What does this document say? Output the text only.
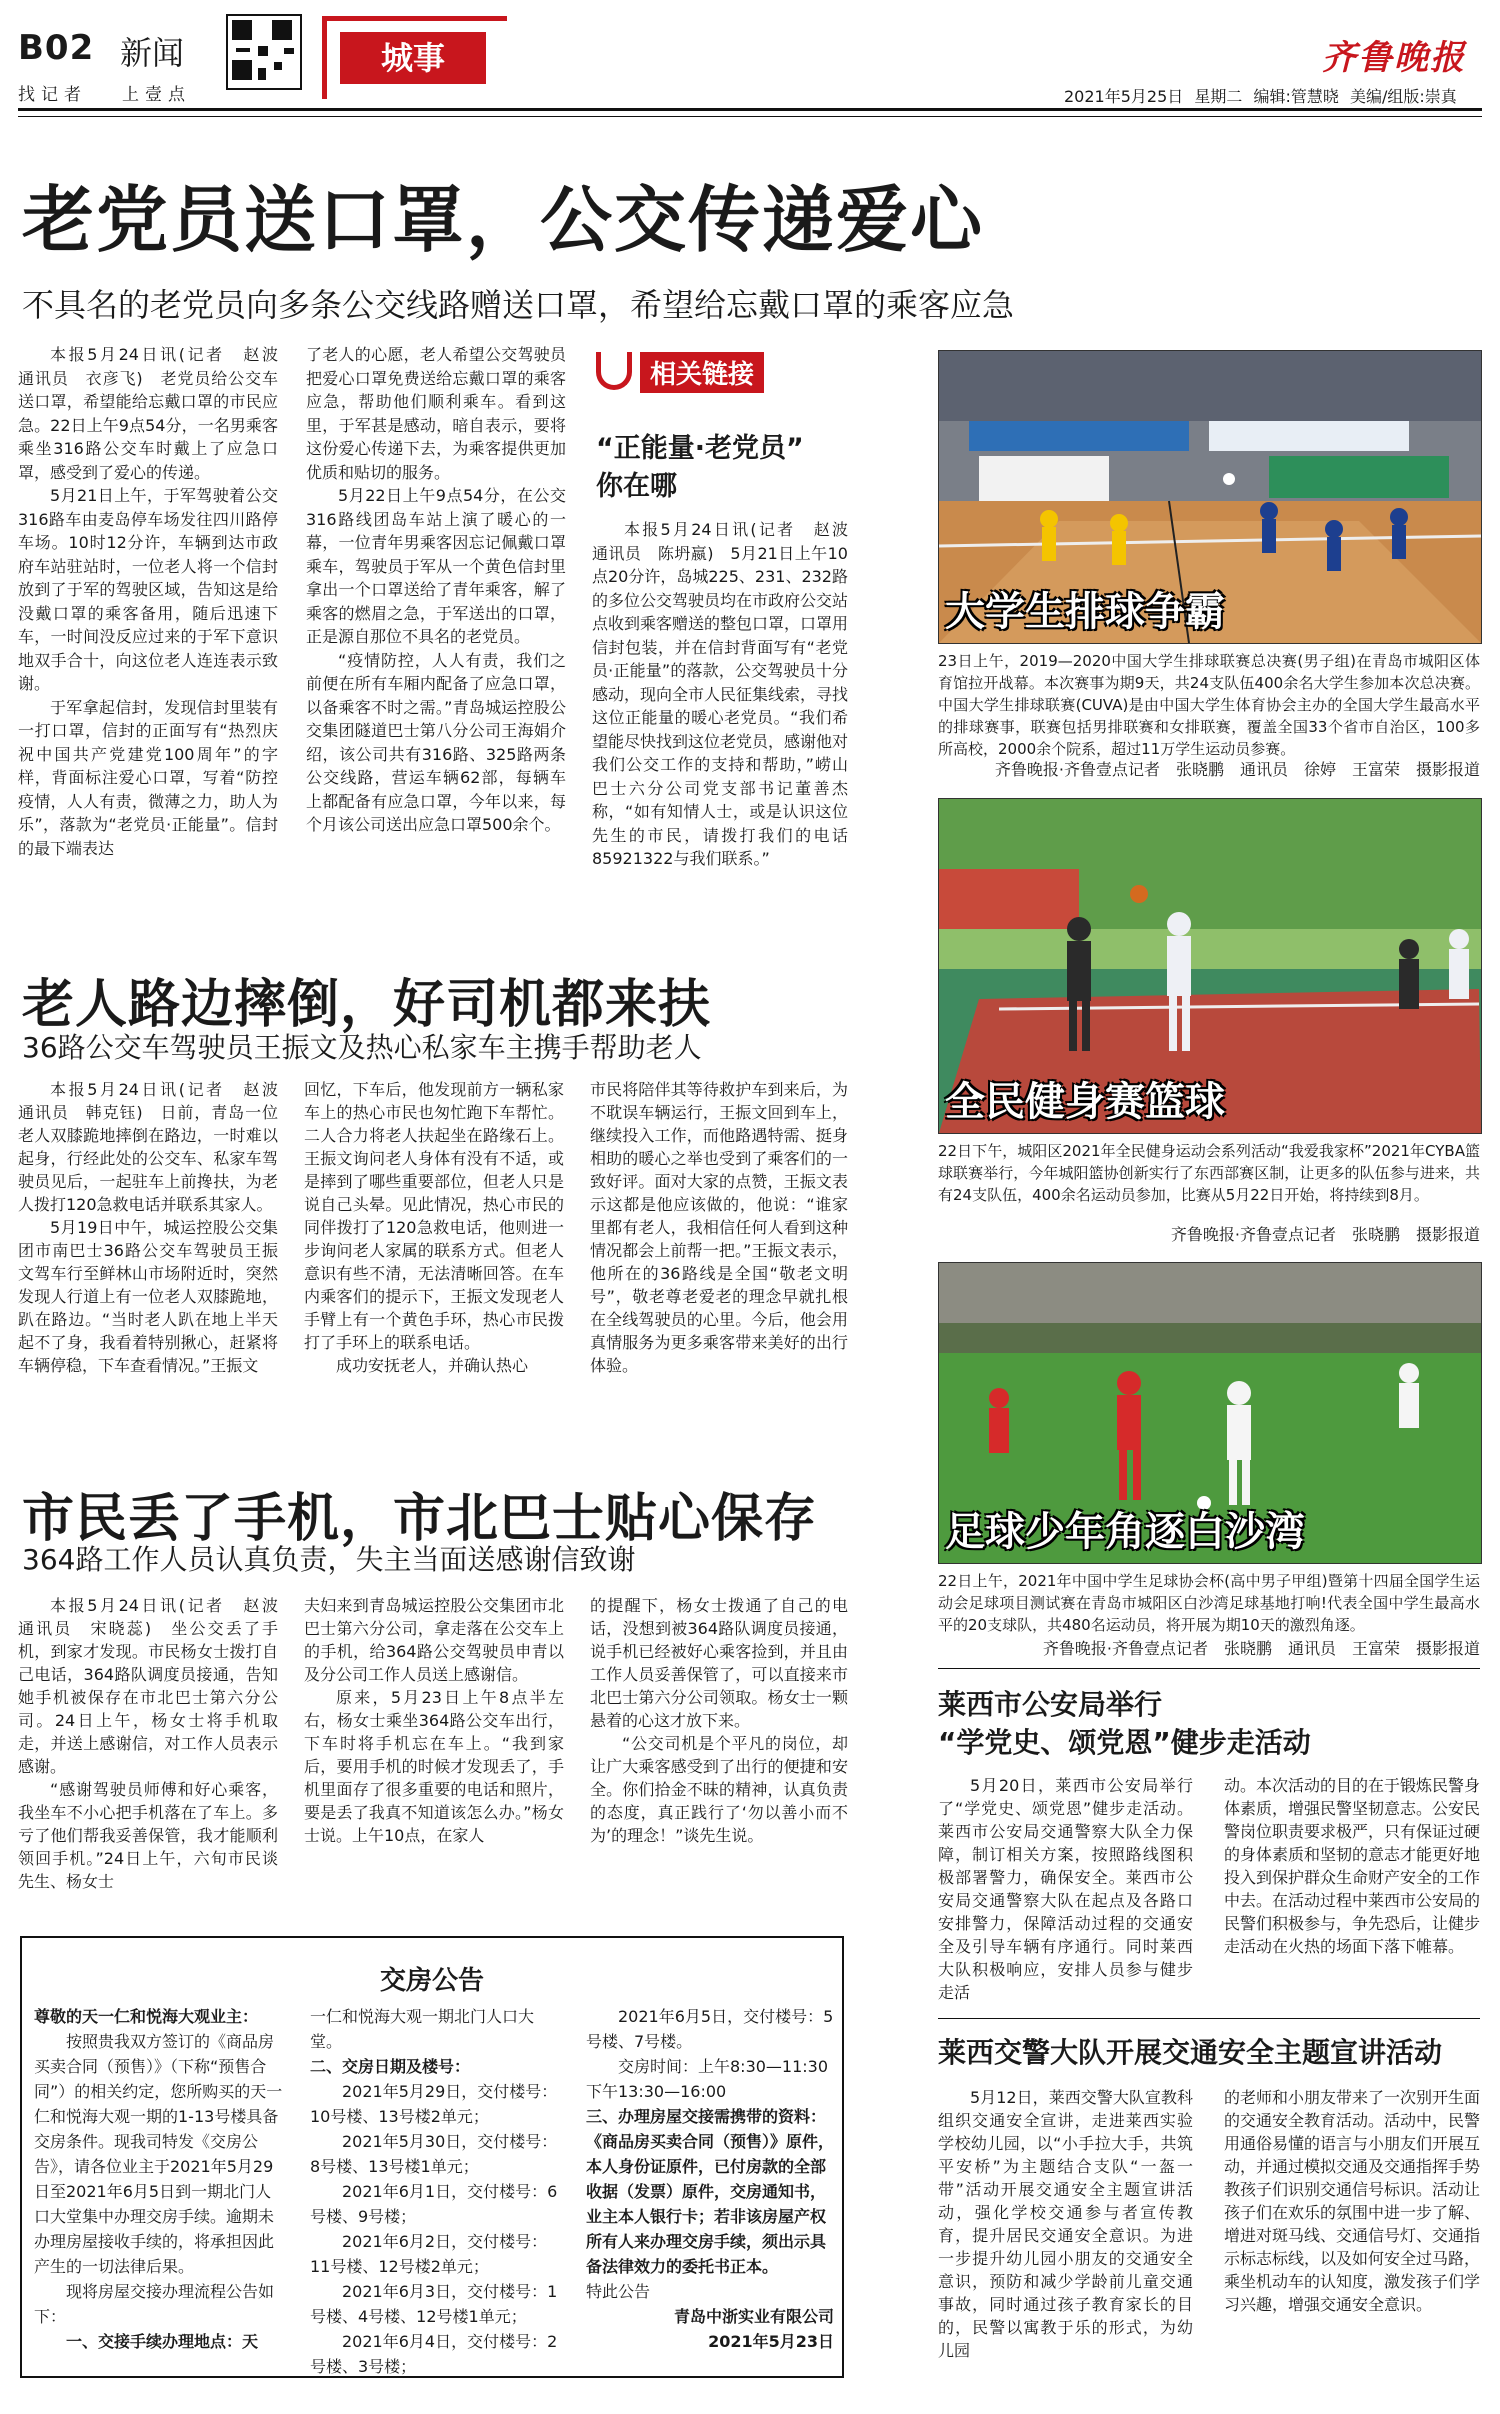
B02 新闻
找记者 上壹点
城事	齐鲁晚报
2021年5月25日 星期二 编辑:管慧晓 美编/组版:崇真
老党员送口罩，公交传递爱心
不具名的老党员向多条公交线路赠送口罩，希望给忘戴口罩的乘客应急

本报5月24日讯(记者　赵波　通讯员　衣彦飞)　老党员给公交车送口罩，希望能给忘戴口罩的市民应急。22日上午9点54分，一名男乘客乘坐316路公交车时戴上了应急口罩，感受到了爱心的传递。

5月21日上午，于军驾驶着公交316路车由麦岛停车场发往四川路停车场。10时12分许，车辆到达市政府车站驻站时，一位老人将一个信封放到了于军的驾驶区域，告知这是给没戴口罩的乘客备用，随后迅速下车，一时间没反应过来的于军下意识地双手合十，向这位老人连连表示致谢。

于军拿起信封，发现信封里装有一打口罩，信封的正面写有“热烈庆祝中国共产党建党100周年”的字样，背面标注爱心口罩，写着“防控疫情，人人有责，微薄之力，助人为乐”，落款为“老党员·正能量”。信封的最下端表达

了老人的心愿，老人希望公交驾驶员把爱心口罩免费送给忘戴口罩的乘客应急，帮助他们顺利乘车。看到这里，于军甚是感动，暗自表示，要将这份爱心传递下去，为乘客提供更加优质和贴切的服务。

5月22日上午9点54分，在公交316路线团岛车站上演了暖心的一幕，一位青年男乘客因忘记佩戴口罩乘车，驾驶员于军从一个黄色信封里拿出一个口罩送给了青年乘客，解了乘客的燃眉之急，于军送出的口罩，正是源自那位不具名的老党员。

“疫情防控，人人有责，我们之前便在所有车厢内配备了应急口罩，以备乘客不时之需。”青岛城运控股公交集团隧道巴士第八分公司王海娟介绍，该公司共有316路、325路两条公交线路，营运车辆62部，每辆车上都配备有应急口罩，今年以来，每个月该公司送出应急口罩500余个。

相关链接
“正能量·老党员”
你在哪

本报5月24日讯(记者　赵波　通讯员　陈坍嬴)　5月21日上午10点20分许，岛城225、231、232路的多位公交驾驶员均在市政府公交站点收到乘客赠送的整包口罩，口罩用信封包装，并在信封背面写有“老党员·正能量”的落款，公交驾驶员十分感动，现向全市人民征集线索，寻找这位正能量的暖心老党员。“我们希望能尽快找到这位老党员，感谢他对我们公交工作的支持和帮助，”崂山巴士六分公司党支部书记董善杰称，“如有知情人士，或是认识这位先生的市民，请拨打我们的电话85921322与我们联系。”

老人路边摔倒，好司机都来扶
36路公交车驾驶员王振文及热心私家车主携手帮助老人

本报5月24日讯(记者　赵波　通讯员　韩克钰)　日前，青岛一位老人双膝跪地摔倒在路边，一时难以起身，行经此处的公交车、私家车驾驶员见后，一起驻车上前搀扶，为老人拨打120急救电话并联系其家人。

5月19日中午，城运控股公交集团市南巴士36路公交车驾驶员王振文驾车行至鲜林山市场附近时，突然发现人行道上有一位老人双膝跪地，趴在路边。“当时老人趴在地上半天起不了身，我看着特别揪心，赶紧将车辆停稳，下车查看情况。”王振文

回忆，下车后，他发现前方一辆私家车上的热心市民也匆忙跑下车帮忙。二人合力将老人扶起坐在路缘石上。王振文询问老人身体有没有不适，或是摔到了哪些重要部位，但老人只是说自己头晕。见此情况，热心市民的同伴拨打了120急救电话，他则进一步询问老人家属的联系方式。但老人意识有些不清，无法清晰回答。在车内乘客们的提示下，王振文发现老人手臂上有一个黄色手环，热心市民拨打了手环上的联系电话。

成功安抚老人，并确认热心

市民将陪伴其等待救护车到来后，为不耽误车辆运行，王振文回到车上，继续投入工作，而他路遇特需、挺身相助的暖心之举也受到了乘客们的一致好评。面对大家的点赞，王振文表示这都是他应该做的，他说：“谁家里都有老人，我相信任何人看到这种情况都会上前帮一把。”王振文表示，他所在的36路线是全国“敬老文明号”，敬老尊老爱老的理念早就扎根在全线驾驶员的心里。今后，他会用真情服务为更多乘客带来美好的出行体验。

市民丢了手机，市北巴士贴心保存
364路工作人员认真负责，失主当面送感谢信致谢

本报5月24日讯(记者　赵波　通讯员　宋晓蕊)　坐公交丢了手机，到家才发现。市民杨女士拨打自己电话，364路队调度员接通，告知她手机被保存在市北巴士第六分公司。24日上午，杨女士将手机取走，并送上感谢信，对工作人员表示感谢。

“感谢驾驶员师傅和好心乘客，我坐车不小心把手机落在了车上。多亏了他们帮我妥善保管，我才能顺利领回手机。”24日上午，六旬市民谈先生、杨女士

夫妇来到青岛城运控股公交集团市北巴士第六分公司，拿走落在公交车上的手机，给364路公交驾驶员申青以及分公司工作人员送上感谢信。

原来，5月23日上午8点半左右，杨女士乘坐364路公交车出行，下车时将手机忘在车上。“我到家后，要用手机的时候才发现丢了，手机里面存了很多重要的电话和照片，要是丢了我真不知道该怎么办。”杨女士说。上午10点，在家人

的提醒下，杨女士拨通了自己的电话，没想到被364路队调度员接通，说手机已经被好心乘客捡到，并且由工作人员妥善保管了，可以直接来市北巴士第六分公司领取。杨女士一颗悬着的心这才放下来。

“公交司机是个平凡的岗位，却让广大乘客感受到了出行的便捷和安全。你们拾金不昧的精神，认真负责的态度，真正践行了‘勿以善小而不为’的理念！”谈先生说。

交房公告

尊敬的天一仁和悦海大观业主：

按照贵我双方签订的《商品房买卖合同（预售）》（下称“预售合同”）的相关约定，您所购买的天一仁和悦海大观一期的1-13号楼具备交房条件。现我司特发《交房公告》，请各位业主于2021年5月29日至2021年6月5日到一期北门人口大堂集中办理交房手续。逾期未办理房屋接收手续的，将承担因此产生的一切法律后果。

现将房屋交接办理流程公告如下：

一、交接手续办理地点：天

一仁和悦海大观一期北门人口大堂。

二、交房日期及楼号：

2021年5月29日，交付楼号：10号楼、13号楼2单元；

2021年5月30日，交付楼号：8号楼、13号楼1单元；

2021年6月1日，交付楼号：6号楼、9号楼；

2021年6月2日，交付楼号：11号楼、12号楼2单元；

2021年6月3日，交付楼号：1号楼、4号楼、12号楼1单元；

2021年6月4日，交付楼号：2号楼、3号楼；

2021年6月5日，交付楼号：5号楼、7号楼。

交房时间：上午8:30—11:30　下午13:30—16:00

三、办理房屋交接需携带的资料：《商品房买卖合同（预售）》原件，本人身份证原件，已付房款的全部收据（发票）原件，交房通知书，业主本人银行卡；若非该房屋产权所有人来办理交房手续，须出示具备法律效力的委托书正本。

特此公告

青岛中浙实业有限公司

2021年5月23日

大学生排球争霸
23日上午，2019—2020中国大学生排球联赛总决赛(男子组)在青岛市城阳区体育馆拉开战幕。本次赛事为期9天，共24支队伍400余名大学生参加本次总决赛。中国大学生排球联赛(CUVA)是由中国大学生体育协会主办的全国大学生最高水平的排球赛事，联赛包括男排联赛和女排联赛，覆盖全国33个省市自治区，100多所高校，2000余个院系，超过11万学生运动员参赛。
齐鲁晚报·齐鲁壹点记者　张晓鹏　通讯员　徐婷　王富荣　摄影报道
全民健身赛篮球
22日下午，城阳区2021年全民健身运动会系列活动“我爱我家杯”2021年CYBA篮球联赛举行，今年城阳篮协创新实行了东西部赛区制，让更多的队伍参与进来，共有24支队伍，400余名运动员参加，比赛从5月22日开始，将持续到8月。
齐鲁晚报·齐鲁壹点记者　张晓鹏　摄影报道
足球少年角逐白沙湾
22日上午，2021年中国中学生足球协会杯(高中男子甲组)暨第十四届全国学生运动会足球项目测试赛在青岛市城阳区白沙湾足球基地打响!代表全国中学生最高水平的20支球队，共480名运动员，将开展为期10天的激烈角逐。
齐鲁晚报·齐鲁壹点记者　张晓鹏　通讯员　王富荣　摄影报道
莱西市公安局举行
“学党史、颂党恩”健步走活动

5月20日，莱西市公安局举行了“学党史、颂党恩”健步走活动。莱西市公安局交通警察大队全力保障，制订相关方案，按照路线图积极部署警力，确保安全。莱西市公安局交通警察大队在起点及各路口安排警力，保障活动过程的交通安全及引导车辆有序通行。同时莱西大队积极响应，安排人员参与健步走活

动。本次活动的目的在于锻炼民警身体素质，增强民警坚韧意志。公安民警岗位职责要求极严，只有保证过硬的身体素质和坚韧的意志才能更好地投入到保护群众生命财产安全的工作中去。在活动过程中莱西市公安局的民警们积极参与，争先恐后，让健步走活动在火热的场面下落下帷幕。

莱西交警大队开展交通安全主题宣讲活动

5月12日，莱西交警大队宣教科组织交通安全宣讲，走进莱西实验学校幼儿园，以“小手拉大手，共筑平安桥”为主题结合支队“一盔一带”活动开展交通安全主题宣讲活动，强化学校交通参与者宣传教育，提升居民交通安全意识。为进一步提升幼儿园小朋友的交通安全意识，预防和减少学龄前儿童交通事故，同时通过孩子教育家长的目的，民警以寓教于乐的形式，为幼儿园

的老师和小朋友带来了一次别开生面的交通安全教育活动。活动中，民警用通俗易懂的语言与小朋友们开展互动，并通过模拟交通及交通指挥手势教孩子们识别交通信号标识。活动让孩子们在欢乐的氛围中进一步了解、增进对斑马线、交通信号灯、交通指示标志标线，以及如何安全过马路，乘坐机动车的认知度，激发孩子们学习兴趣，增强交通安全意识。
